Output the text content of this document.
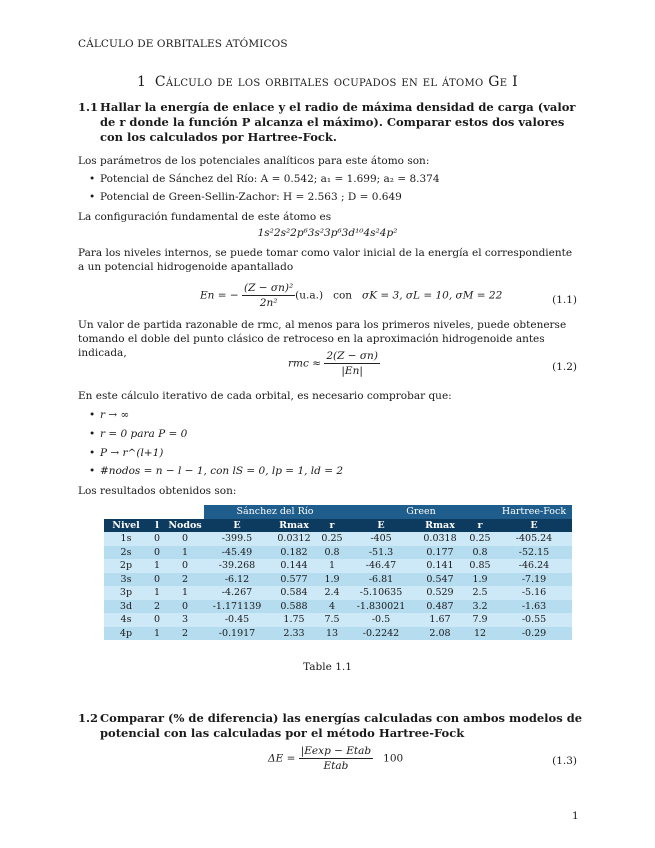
CÁLCULO DE ORBITALES ATÓMICOS
1 Cálculo de los orbitales ocupados en el átomo Ge I
1.1 Hallar la energía de enlace y el radio de máxima densidad de carga (valor de r donde la función P alcanza el máximo). Comparar estos dos valores con los calculados por Hartree-Fock.
Los parámetros de los potenciales analíticos para este átomo son:
• Potencial de Sánchez del Río: A = 0.542; a₁ = 1.699; a₂ = 8.374
• Potencial de Green-Sellin-Zachor: H = 2.563 ; D = 0.649
La configuración fundamental de este átomo es
1s²2s²2p⁶3s²3p⁶3d¹⁰4s²4p²
Para los niveles internos, se puede tomar como valor inicial de la energía el correspondiente a un potencial hidrogenoide apantallado
En = − $\frac{\text{(Z − σn)²}}{\text{2n²}} (u.a.)$ con σK = 3, σL = 10, σM = 22	(1.1)
Un valor de partida razonable de rmc, al menos para los primeros niveles, puede obtenerse tomando el doble del punto clásico de retroceso en la aproximación hidrogenoide antes indicada,
rmc ≈ $\frac{2(Z - \sigma n)}{|En|}$	(1.2)
En este cálculo iterativo de cada orbital, es necesario comprobar que:
• r → ∞
• r = 0 para P = 0
• P → r^(l+1)
• #nodos = n − l − 1, con lS = 0, lp = 1, ld = 2
Los resultados obtenidos son:
			Sánchez del Río			Green			Hartree-Fock
Nivel	l	Nodos	E	Rmax	r	E	Rmax	r	E
1s	0	0	-399.5	0.0312	0.25	-405	0.0318	0.25	-405.24
2s	0	1	-45.49	0.182	0.8	-51.3	0.177	0.8	-52.15
2p	1	0	-39.268	0.144	1	-46.47	0.141	0.85	-46.24
3s	0	2	-6.12	0.577	1.9	-6.81	0.547	1.9	-7.19
3p	1	1	-4.267	0.584	2.4	-5.10635	0.529	2.5	-5.16
3d	2	0	-1.171139	0.588	4	-1.830021	0.487	3.2	-1.63
4s	0	3	-0.45	1.75	7.5	-0.5	1.67	7.9	-0.55
4p	1	2	-0.1917	2.33	13	-0.2242	2.08	12	-0.29
Table 1.1
1.2 Comparar (% de diferencia) las energías calculadas con ambos modelos de potencial con las calculadas por el método Hartree-Fock
$\Delta E = \frac{\text{|Eexp − Etab}}{\text{Etab}} 100$	(1.3)
1
